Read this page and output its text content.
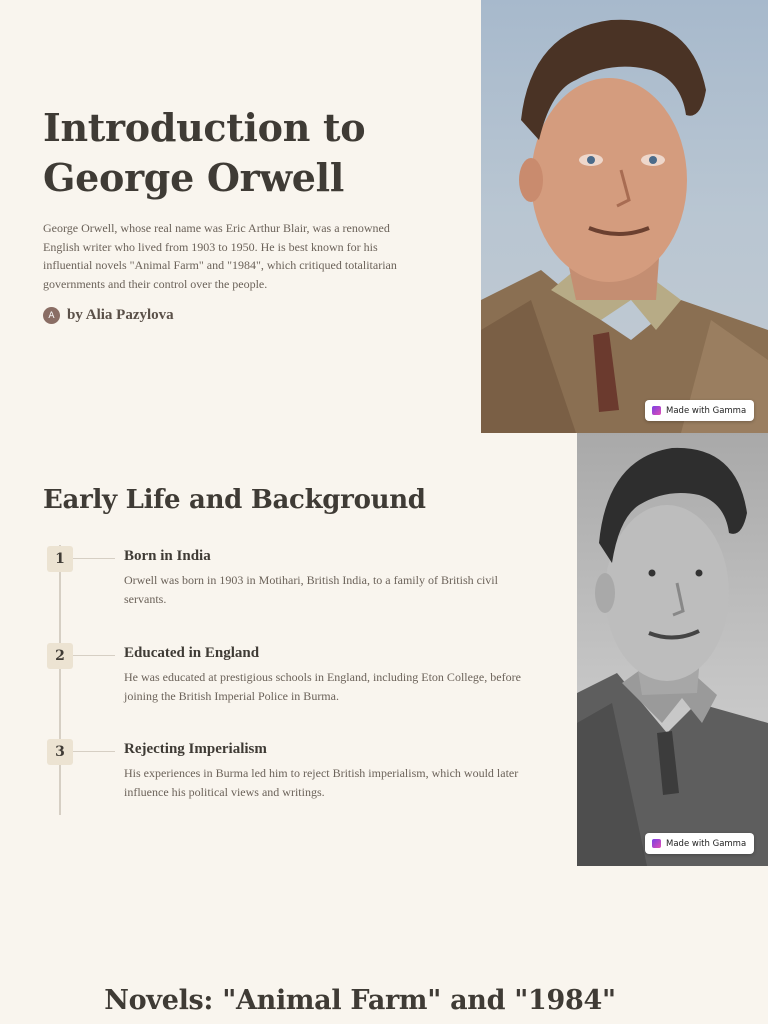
Introduction to George Orwell

George Orwell, whose real name was Eric Arthur Blair, was a renowned English writer who lived from 1903 to 1950. He is best known for his influential novels "Animal Farm" and "1984", which critiqued totalitarian governments and their control over the people.

A by Alia Pazylova
Made with Gamma
Early Life and Background
1	Born in India

Orwell was born in 1903 in Motihari, British India, to a family of British civil servants.

2	Educated in England

He was educated at prestigious schools in England, including Eton College, before joining the British Imperial Police in Burma.

3	Rejecting Imperialism

His experiences in Burma led him to reject British imperialism, which would later influence his political views and writings.

Made with Gamma
Novels: "Animal Farm" and "1984"
